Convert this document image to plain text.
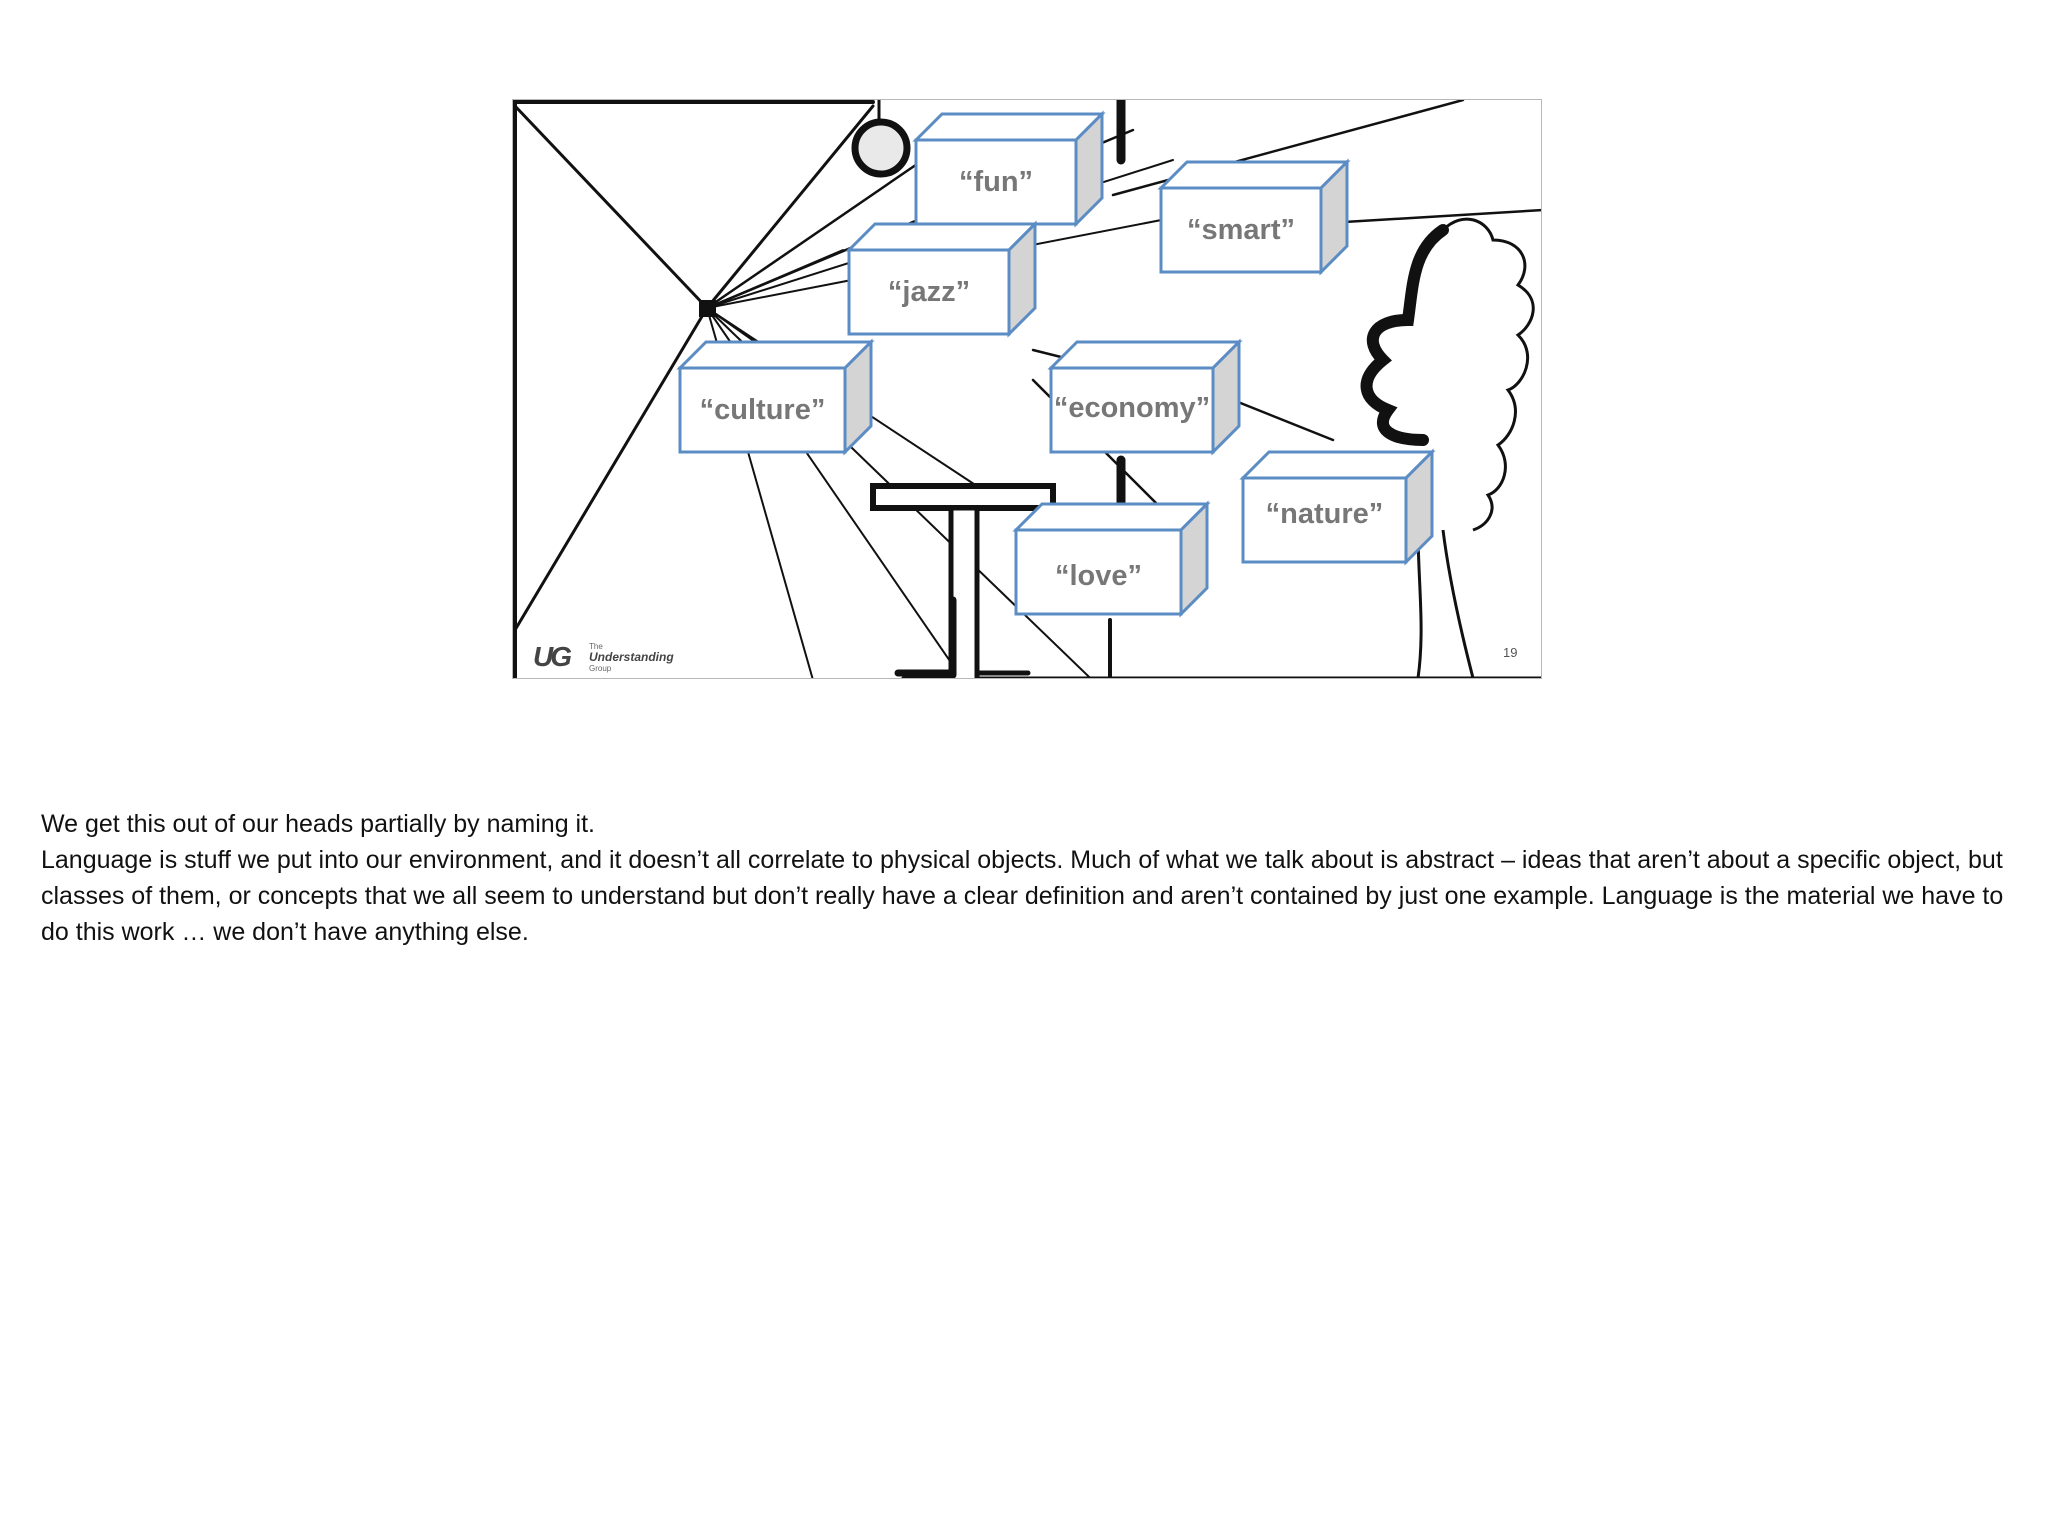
“fun”
“smart”
“jazz”
“culture”	“economy”
“nature”
“love”
UG	The
Understanding
Group
19

We get this out of our heads partially by naming it.

Language is stuff we put into our environment, and it doesn’t all correlate to physical objects. Much of what we talk about is abstract – ideas that aren’t about a specific object, but classes of them, or concepts that we all seem to understand but don’t really have a clear definition and aren’t contained by just one example. Language is the material we have to do this work … we don’t have anything else.
